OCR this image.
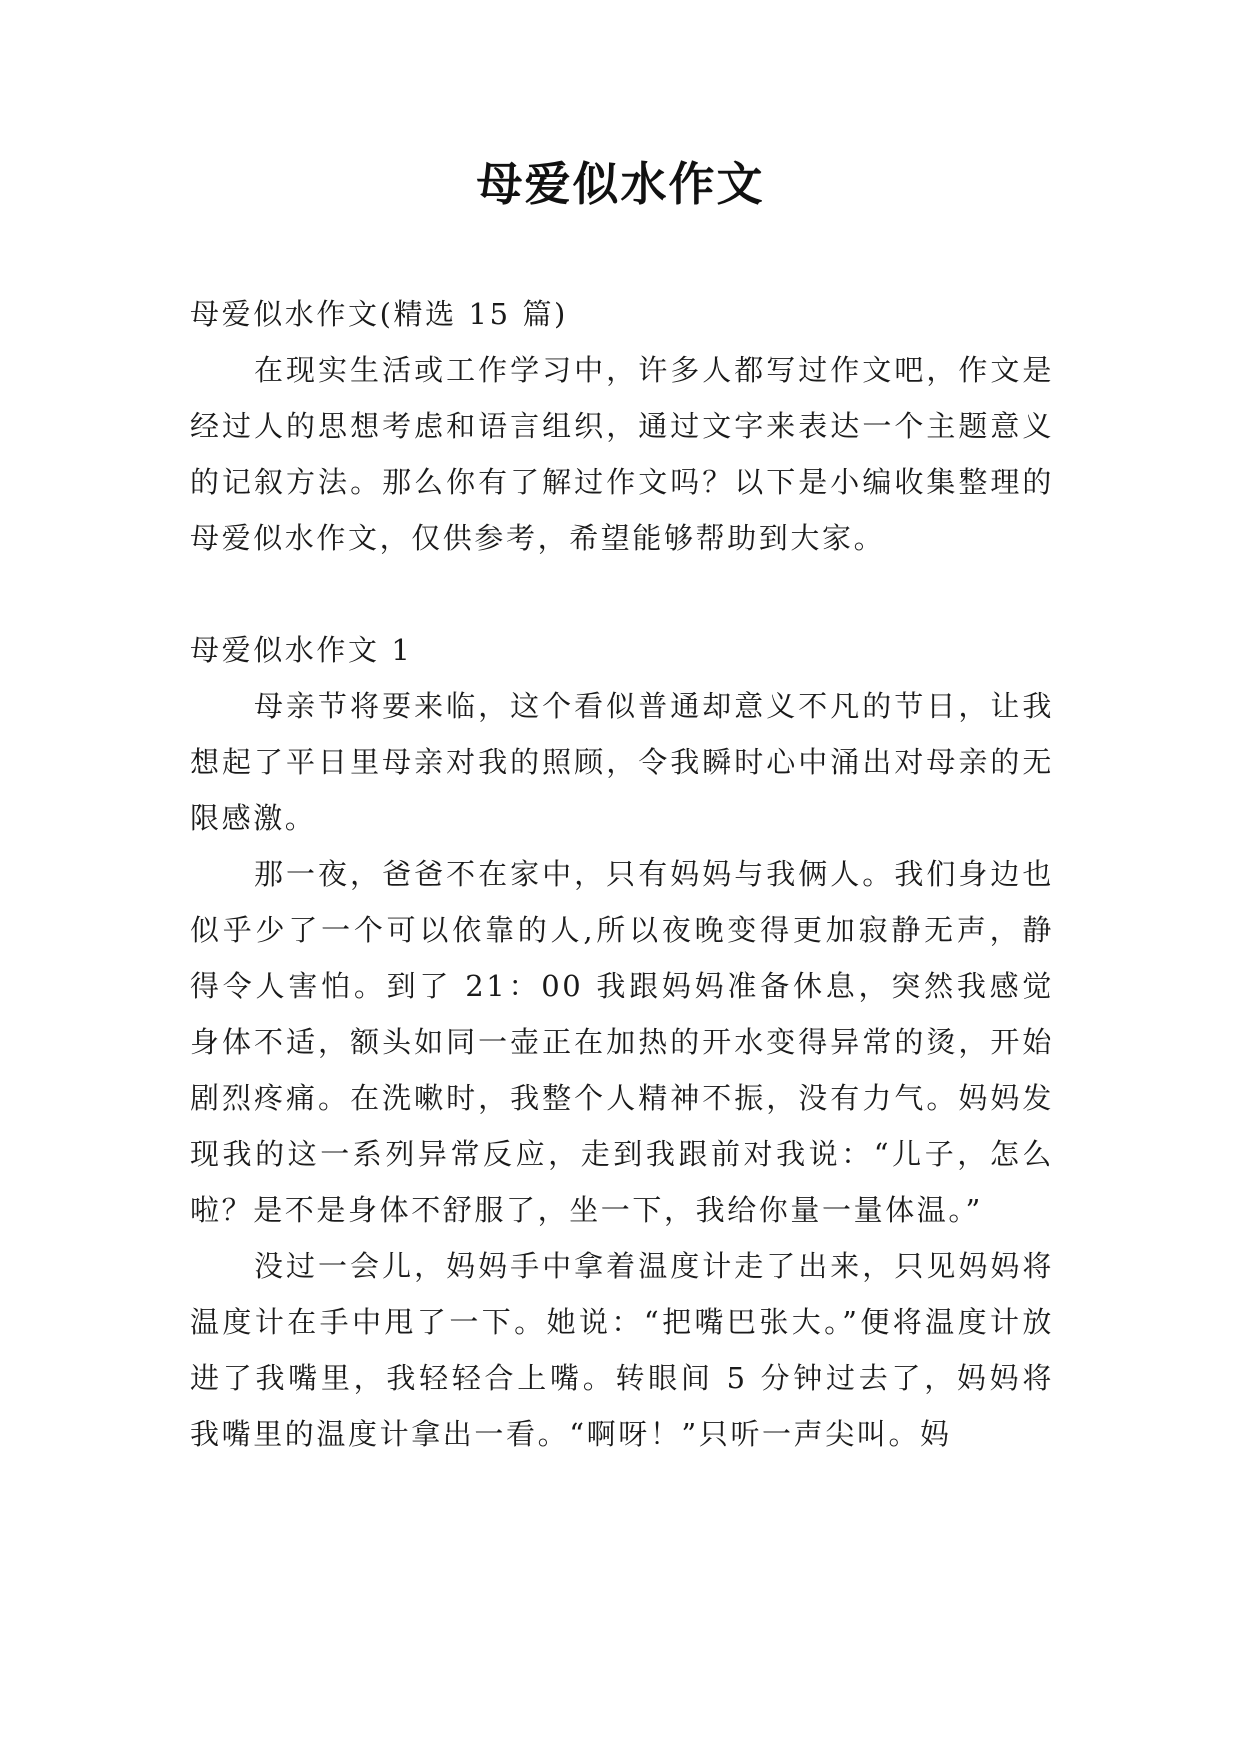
母爱似水作文

母爱似水作文(精选 15 篇)

在现实生活或工作学习中，许多人都写过作文吧，作文是经过人的思想考虑和语言组织，通过文字来表达一个主题意义的记叙方法。那么你有了解过作文吗？以下是小编收集整理的母爱似水作文，仅供参考，希望能够帮助到大家。

母爱似水作文 1

母亲节将要来临，这个看似普通却意义不凡的节日，让我想起了平日里母亲对我的照顾，令我瞬时心中涌出对母亲的无限感激。

那一夜，爸爸不在家中，只有妈妈与我俩人。我们身边也似乎少了一个可以依靠的人,所以夜晚变得更加寂静无声，静得令人害怕。到了 21：00 我跟妈妈准备休息，突然我感觉身体不适，额头如同一壶正在加热的开水变得异常的烫，开始剧烈疼痛。在洗嗽时，我整个人精神不振，没有力气。妈妈发现我的这一系列异常反应，走到我跟前对我说：“儿子，怎么啦？是不是身体不舒服了，坐一下，我给你量一量体温。”

没过一会儿，妈妈手中拿着温度计走了出来，只见妈妈将温度计在手中甩了一下。她说：“把嘴巴张大。”便将温度计放进了我嘴里，我轻轻合上嘴。转眼间 5 分钟过去了，妈妈将我嘴里的温度计拿出一看。“啊呀！”只听一声尖叫。妈
